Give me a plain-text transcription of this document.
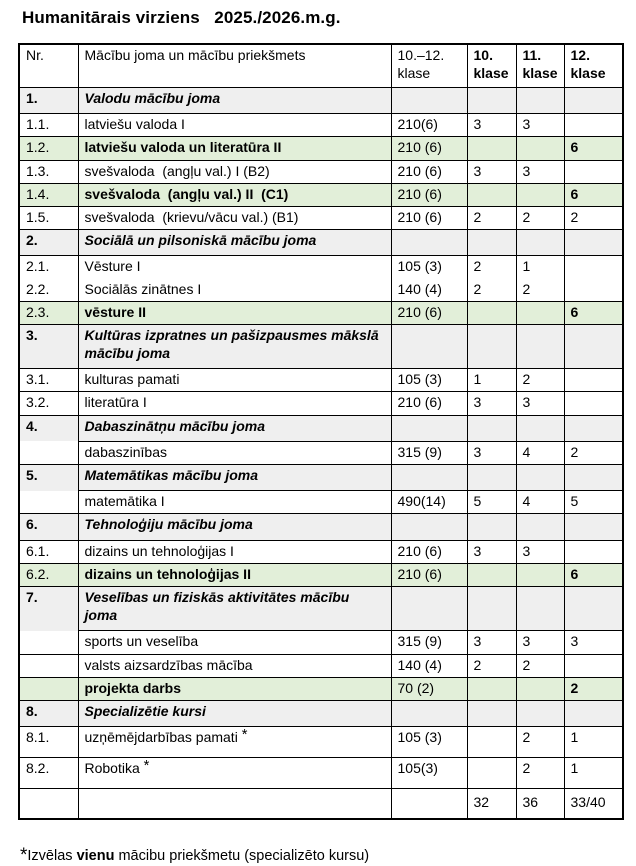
Humanitārais virziens   2025./2026.m.g.
Nr.	Mācību joma un mācību priekšmets	10.–12. klase	10. klase	11. klase	12. klase
1.	Valodu mācību joma				
1.1.	latviešu valoda I	210(6)	3	3	
1.2.	latviešu valoda un literatūra II	210 (6)			6
1.3.	svešvaloda  (angļu val.) I (B2)	210 (6)	3	3	
1.4.	svešvaloda  (angļu val.) II  (C1)	210 (6)			6
1.5.	svešvaloda  (krievu/vācu val.) (B1)	210 (6)	2	2	2
2.	Sociālā un pilsoniskā mācību joma				
2.1.	Vēsture I	105 (3)	2	1	
2.2.	Sociālās zinātnes I	140 (4)	2	2	
2.3.	vēsture II	210 (6)			6
3.	Kultūras izpratnes un pašizpausmes mākslā mācību joma				
3.1.	kulturas pamati	105 (3)	1	2	
3.2.	literatūra I	210 (6)	3	3	
4.	Dabaszinātņu mācību joma				
	dabaszinības	315 (9)	3	4	2
5.	Matemātikas mācību joma				
	matemātika I	490(14)	5	4	5
6.	Tehnoloģiju mācību joma				
6.1.	dizains un tehnoloģijas I	210 (6)	3	3	
6.2.	dizains un tehnoloģijas II	210 (6)			6
7.	Veselības un fiziskās aktivitātes mācību joma				
	sports un veselība	315 (9)	3	3	3
	valsts aizsardzības mācība	140 (4)	2	2	
	projekta darbs	70 (2)			2
8.	Specializētie kursi				
8.1.	uzņēmējdarbības pamati *	105 (3)		2	1
8.2.	Robotika *	105(3)		2	1
			32	36	33/40

*Izvēlas vienu mācibu priekšmetu (specializēto kursu)
